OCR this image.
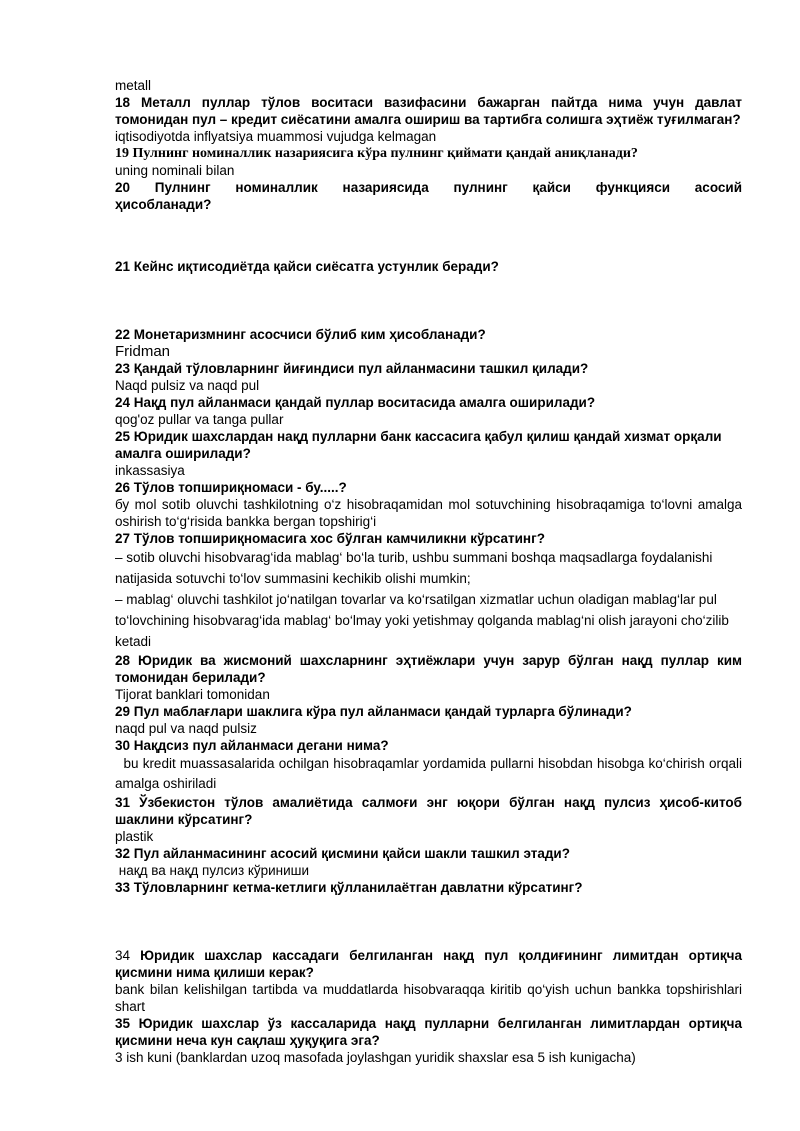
metall

18 Металл пуллар тўлов воситаси вазифасини бажарган пайтда нима учун давлат томонидан пул – кредит сиёсатини амалга ошириш ва тартибга солишга эҳтиёж туғилмаган?

iqtisodiyotda inflyatsiya muammosi vujudga kelmagan

19 Пулнинг номиналлик назариясига кўра пулнинг қиймати қандай аниқланади?

uning nominali bilan

20 Пулнинг номиналлик назариясида пулнинг қайси функцияси асосий

ҳисобланади?

21 Кейнс иқтисодиётда қайси сиёсатга устунлик беради?

22 Монетаризмнинг асосчиси бўлиб ким ҳисобланади?

Fridman

23 Қандай тўловларнинг йиғиндиси пул айланмасини ташкил қилади?

Naqd pulsiz va naqd pul

24 Нақд пул айланмаси қандай пуллар воситасида амалга оширилади?

qog'oz pullar va tanga pullar

25 Юридик шахслардан нақд пулларни банк кассасига қабул қилиш қандай хизмат орқали амалга оширилади?

inkassasiya

26 Тўлов топшириқномаси - бу.....?

бу mol sotib oluvchi tashkilotning o‘z hisobraqamidan mol sotuvchining hisobraqamiga to‘lovni amalga oshirish to‘g‘risida bankka bergan topshirig‘i

27 Тўлов топшириқномасига хос бўлган камчиликни кўрсатинг?

– sotib oluvchi hisobvarag‘ida mablag‘ bo‘la turib, ushbu summani boshqa maqsadlarga foydalanishi natijasida sotuvchi to‘lov summasini kechikib olishi mumkin;

– mablag‘ oluvchi tashkilot jo‘natilgan tovarlar va ko‘rsatilgan xizmatlar uchun oladigan mablag‘lar pul to‘lovchining hisobvarag‘ida mablag‘ bo‘lmay yoki yetishmay qolganda mablag‘ni olish jarayoni cho‘zilib ketadi

28 Юридик ва жисмоний шахсларнинг эҳтиёжлари учун зарур бўлган нақд пуллар ким томонидан берилади?

Tijorat banklari tomonidan

29 Пул маблағлари шаклига кўра пул айланмаси қандай турларга бўлинади?

naqd pul va naqd pulsiz

30 Нақдсиз пул айланмаси дегани нима?

bu kredit muassasalarida ochilgan hisobraqamlar yordamida pullarni hisobdan hisobga ko‘chirish orqali amalga oshiriladi

31 Ўзбекистон тўлов амалиётида салмоғи энг юқори бўлган нақд пулсиз ҳисоб-китоб шаклини кўрсатинг?

plastik

32 Пул айланмасининг асосий қисмини қайси шакли ташкил этади?

нақд ва нақд пулсиз кўриниши

33 Тўловларнинг кетма-кетлиги қўлланилаётган давлатни кўрсатинг?

34 Юридик шахслар кассадаги белгиланган нақд пул қолдиғининг лимитдан ортиқча қисмини нима қилиши керак?

bank bilan kelishilgan tartibda va muddatlarda hisobvaraqqa kiritib qo‘yish uchun bankka topshirishlari shart

35 Юридик шахслар ўз кассаларида нақд пулларни белгиланган лимитлардан ортиқча қисмини неча кун сақлаш ҳуқуқига эга?

3 ish kuni (banklardan uzoq masofada joylashgan yuridik shaxslar esa 5 ish kunigacha)
